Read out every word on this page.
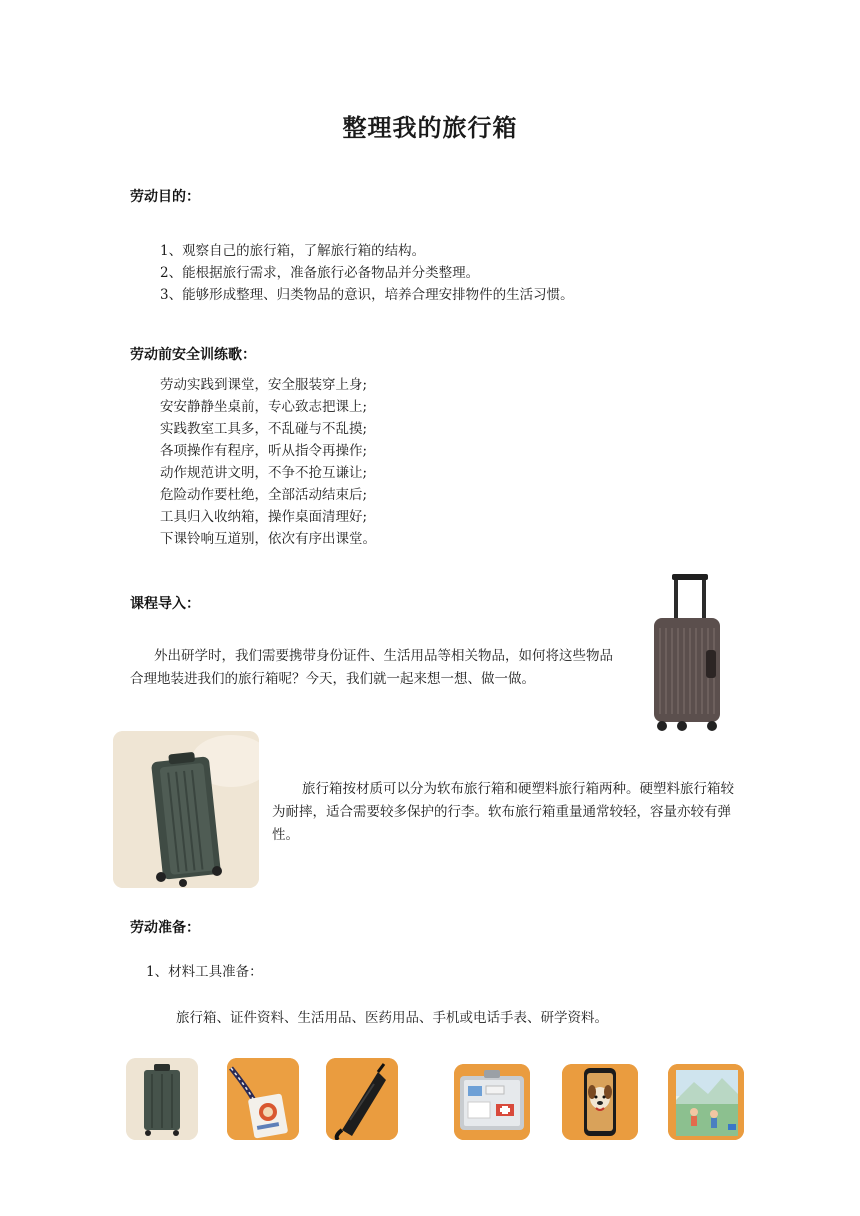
整理我的旅行箱
劳动目的：
1、观察自己的旅行箱，了解旅行箱的结构。
2、能根据旅行需求，准备旅行必备物品并分类整理。
3、能够形成整理、归类物品的意识，培养合理安排物件的生活习惯。
劳动前安全训练歌：
劳动实践到课堂，安全服装穿上身;
安安静静坐桌前，专心致志把课上;
实践教室工具多，不乱碰与不乱摸;
各项操作有程序，听从指令再操作;
动作规范讲文明，不争不抢互谦让;
危险动作要杜绝，全部活动结束后;
工具归入收纳箱，操作桌面清理好;
下课铃响互道别，依次有序出课堂。
课程导入：
外出研学时，我们需要携带身份证件、生活用品等相关物品，如何将这些物品合理地装进我们的旅行箱呢？今天，我们就一起来想一想、做一做。
旅行箱按材质可以分为软布旅行箱和硬塑料旅行箱两种。硬塑料旅行箱较为耐摔，适合需要较多保护的行李。软布旅行箱重量通常较轻，容量亦较有弹性。
劳动准备：
1、材料工具准备：
旅行箱、证件资料、生活用品、医药用品、手机或电话手表、研学资料。
